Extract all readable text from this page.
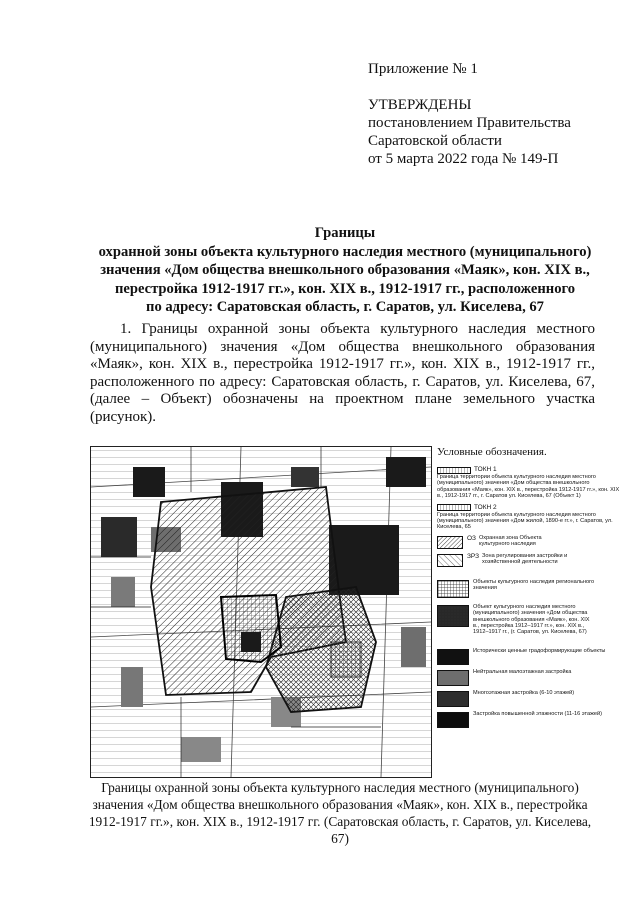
Приложение № 1
УТВЕРЖДЕНЫ
постановлением Правительства
Саратовской области
от 5 марта 2022 года № 149-П
Границы
охранной зоны объекта культурного наследия местного (муниципального)
значения «Дом общества внешкольного образования «Маяк», кон. XIX в.,
перестройка 1912-1917 гг.», кон. XIX в., 1912-1917 гг., расположенного
по адресу: Саратовская область, г. Саратов, ул. Киселева, 67
1. Границы охранной зоны объекта культурного наследия местного (муниципального) значения «Дом общества внешкольного образования «Маяк», кон. XIX в., перестройка 1912-1917 гг.», кон. XIX в., 1912-1917 гг., расположенного по адресу: Саратовская область, г. Саратов, ул. Киселева, 67, (далее – Объект) обозначены на проектном плане земельного участка (рисунок).
Условные обозначения.
ТОКН 1
Граница территории объекта культурного наследия местного (муниципального) значения «Дом общества внешкольного образования «Маяк», кон. XIX в., перестройка 1912-1917 гг.», кон. XIX в., 1912-1917 гг., г. Саратов ул. Киселева, 67 (Объект 1)
ТОКН 2
Граница территории объекта культурного наследия местного (муниципального) значения «Дом жилой, 1890-е гг.», г. Саратов, ул. Киселева, 65
ОЗ Охранная зона Объекта культурного наследия
ЗРЗ Зона регулирования застройки и хозяйственной деятельности
Объекты культурного наследия регионального значения
Объект культурного наследия местного (муниципального) значения «Дом общества внешкольного образования «Маяк», кон. XIX в., перестройка 1912–1917 гг.», кон. XIX в., 1912–1917 гг., (г. Саратов, ул. Киселева, 67)
Исторически ценные градоформирующие объекты
Нейтральная малоэтажная застройка
Многоэтажная застройка (6-10 этажей)
Застройка повышенной этажности (11-16 этажей)
Границы охранной зоны объекта культурного наследия местного (муниципального)
значения «Дом общества внешкольного образования «Маяк», кон. XIX в., перестройка
1912-1917 гг.», кон. XIX в., 1912-1917 гг. (Саратовская область, г. Саратов, ул. Киселева, 67)
